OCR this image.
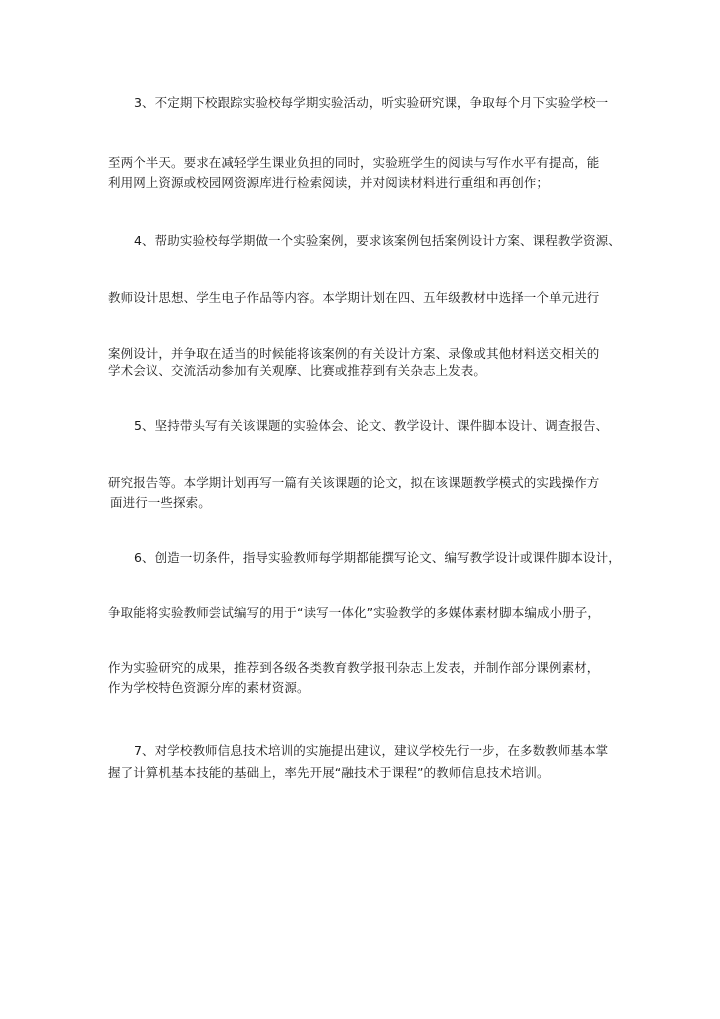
3、不定期下校跟踪实验校每学期实验活动，听实验研究课，争取每个月下实验学校一
至两个半天。要求在减轻学生课业负担的同时，实验班学生的阅读与写作水平有提高，能
利用网上资源或校园网资源库进行检索阅读，并对阅读材料进行重组和再创作；
4、帮助实验校每学期做一个实验案例，要求该案例包括案例设计方案、课程教学资源、
教师设计思想、学生电子作品等内容。本学期计划在四、五年级教材中选择一个单元进行
案例设计，并争取在适当的时候能将该案例的有关设计方案、录像或其他材料送交相关的
学术会议、交流活动参加有关观摩、比赛或推荐到有关杂志上发表。
5、坚持带头写有关该课题的实验体会、论文、教学设计、课件脚本设计、调查报告、
研究报告等。本学期计划再写一篇有关该课题的论文，拟在该课题教学模式的实践操作方
面进行一些探索。
6、创造一切条件，指导实验教师每学期都能撰写论文、编写教学设计或课件脚本设计，
争取能将实验教师尝试编写的用于“读写一体化”实验教学的多媒体素材脚本编成小册子，
作为实验研究的成果，推荐到各级各类教育教学报刊杂志上发表，并制作部分课例素材，
作为学校特色资源分库的素材资源。
7、对学校教师信息技术培训的实施提出建议，建议学校先行一步，在多数教师基本掌
握了计算机基本技能的基础上，率先开展“融技术于课程”的教师信息技术培训。
